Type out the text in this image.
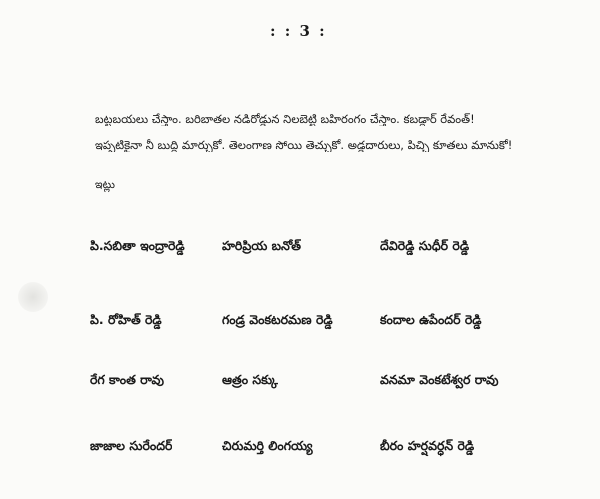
: : 3 :
బట్టబయలు చేస్తాం. బరిబాతల నడిరోడ్డున నిలబెట్టి బహిరంగం చేస్తాం. కబడ్దార్ రేవంత్!
ఇప్పటికైనా నీ బుద్ధి మార్చుకో. తెలంగాణ సోయి తెచ్చుకో. అడ్డదారులు, పిచ్చి కూతలు మానుకో!
ఇట్లు
పి.సబితా ఇంద్రారెడ్డి	హరిప్రియ బనోత్	దేవిరెడ్డి సుధీర్ రెడ్డి
పి. రోహిత్ రెడ్డి	గండ్ర వెంకటరమణ రెడ్డి	కందాల ఉపేందర్ రెడ్డి
రేగ కాంత రావు	ఆత్రం సక్కు	వనమా వెంకటేశ్వర రావు
జాజాల సురేందర్	చిరుమర్తి లింగయ్య	బీరం హర్షవర్ధన్ రెడ్డి
